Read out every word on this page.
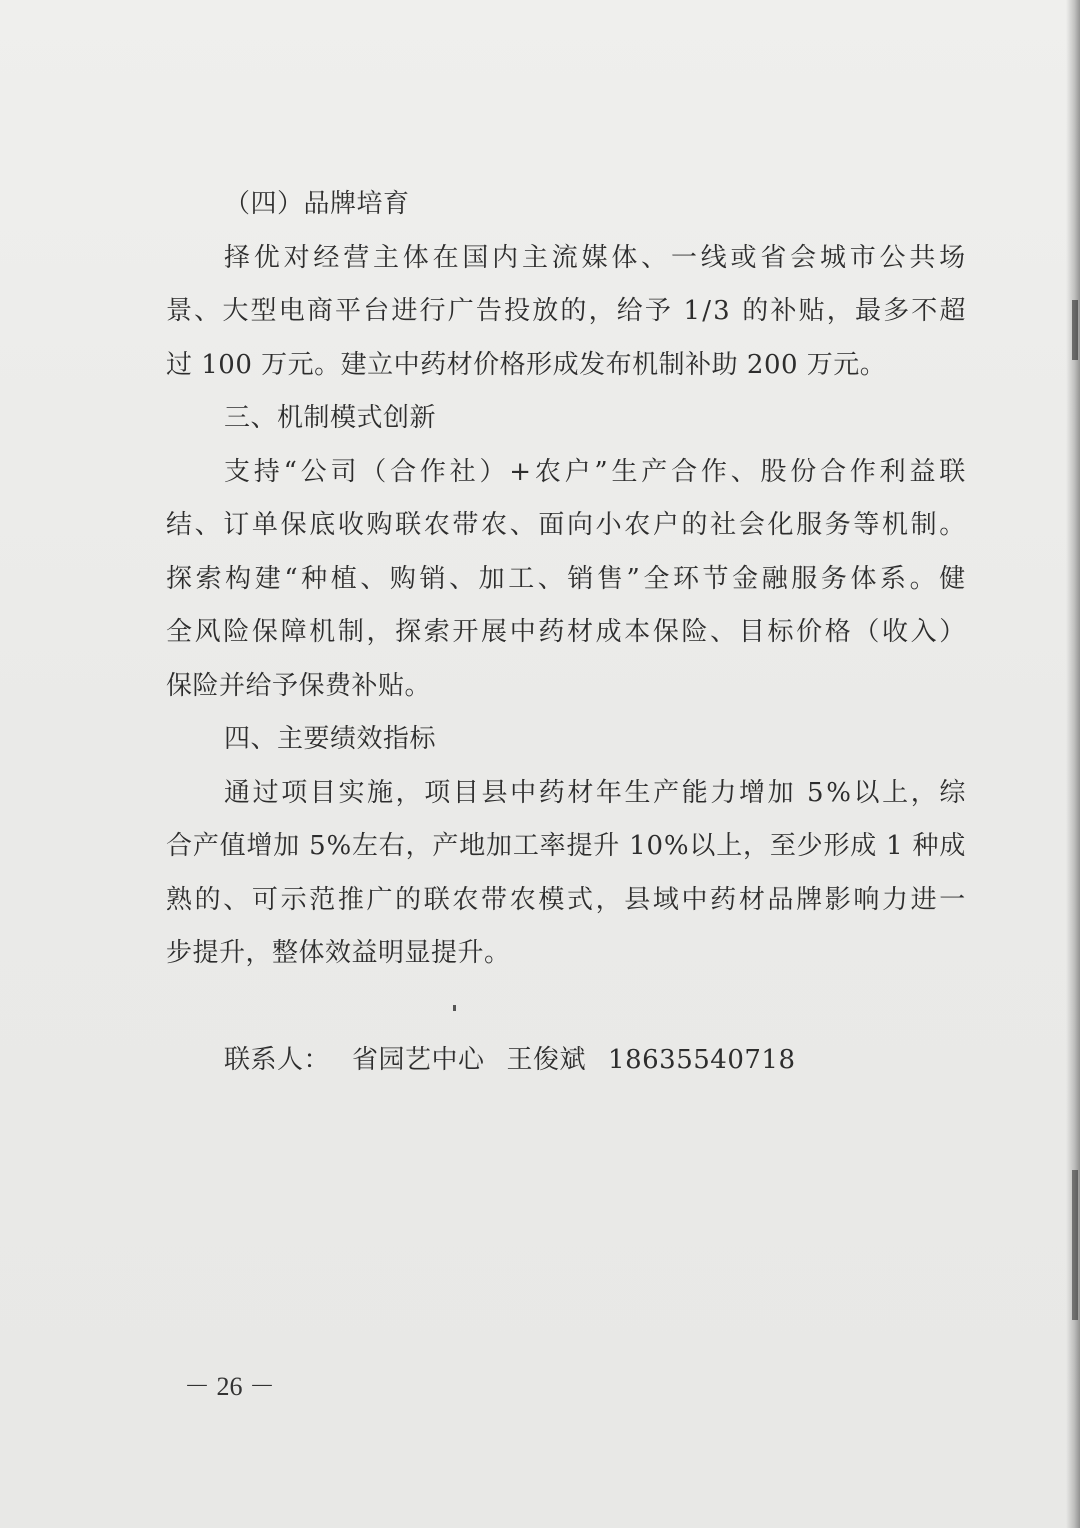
（四）品牌培育
择 优 对 经 营 主 体 在 国 内 主 流 媒 体 、 一 线 或 省 会 城 市 公 共 场
景 、 大 型 电 商 平 台 进 行 广 告 投 放 的 ， 给 予
1 / 3
的 补 贴 ， 最 多 不 超
过 100 万元。建立中药材价格形成发布机制补助 200 万元。
三、机制模式创新
支 持 “ 公 司 （ 合 作 社 ） + 农 户 ” 生 产 合 作 、 股 份 合 作 利 益 联
结 、 订 单 保 底 收 购 联 农 带 农 、 面 向 小 农 户 的 社 会 化 服 务 等 机 制 。
探 索 构 建 “ 种 植 、 购 销 、 加 工 、 销 售 ” 全 环 节 金 融 服 务 体 系 。 健
全 风 险 保 障 机 制 ， 探 索 开 展 中 药 材 成 本 保 险 、 目 标 价 格 （ 收 入 ）
保险并给予保费补贴。
四、主要绩效指标
通 过 项 目 实 施 ， 项 目 县 中 药 材 年 生 产 能 力 增 加
5 % 以 上 ， 综
合 产 值 增 加
5 % 左 右 ， 产 地 加 工 率 提 升
1 0 % 以 上 ， 至 少 形 成
1
种 成
熟 的 、 可 示 范 推 广 的 联 农 带 农 模 式 ， 县 域 中 药 材 品 牌 影 响 力 进 一
步提升，整体效益明显提升。
联系人： 省园艺中心 王俊斌 18635540718
－ 26 －
